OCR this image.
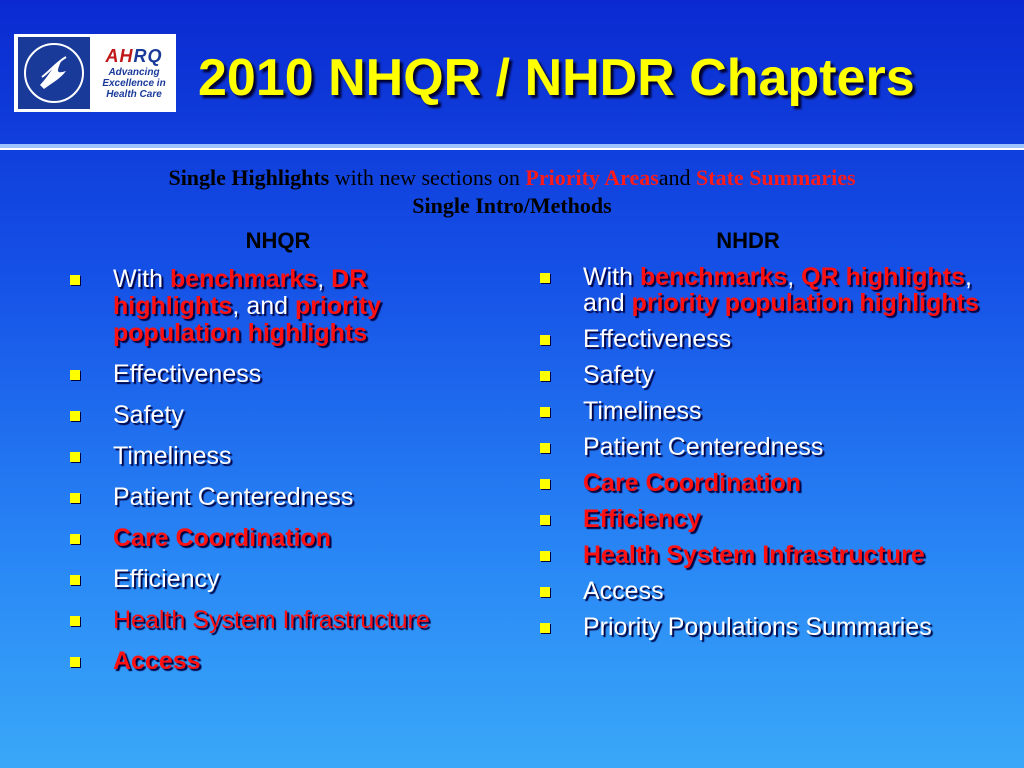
AHRQ
Advancing
Excellence in
Health Care 2010 NHQR / NHDR Chapters
Single Highlights with new sections on Priority Areasand State Summaries
Single Intro/Methods
NHQR	NHDR
With benchmarks, DR highlights, and priority population highlights
Effectiveness
Safety
Timeliness
Patient Centeredness
Care Coordination
Efficiency
Health System Infrastructure
Access
With benchmarks, QR highlights, and priority population highlights
Effectiveness
Safety
Timeliness
Patient Centeredness
Care Coordination
Efficiency
Health System Infrastructure
Access
Priority Populations Summaries
